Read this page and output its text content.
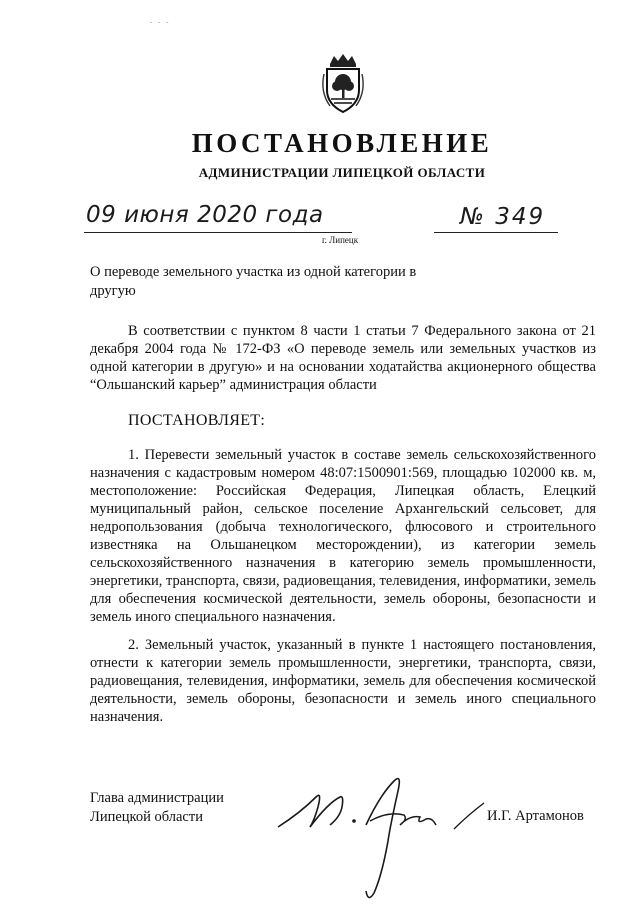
- - -
ПОСТАНОВЛЕНИЕ
АДМИНИСТРАЦИИ ЛИПЕЦКОЙ ОБЛАСТИ
09 июня 2020 года	№ 349
г. Липецк
О переводе земельного участка из одной категории в другую
В соответствии с пунктом 8 части 1 статьи 7 Федерального закона от 21 декабря 2004 года № 172-ФЗ «О переводе земель или земельных участков из одной категории в другую» и на основании ходатайства акционерного общества “Ольшанский карьер” администрация области
ПОСТАНОВЛЯЕТ:
1. Перевести земельный участок в составе земель сельскохозяйственного назначения с кадастровым номером 48:07:1500901:569, площадью 102000 кв. м, местоположение: Российская Федерация, Липецкая область, Елецкий муниципальный район, сельское поселение Архангельский сельсовет, для недропользования (добыча технологического, флюсового и строительного известняка на Ольшанецком месторождении), из категории земель сельскохозяйственного назначения в категорию земель промышленности, энергетики, транспорта, связи, радиовещания, телевидения, информатики, земель для обеспечения космической деятельности, земель обороны, безопасности и земель иного специального назначения.
2. Земельный участок, указанный в пункте 1 настоящего постановления, отнести к категории земель промышленности, энергетики, транспорта, связи, радиовещания, телевидения, информатики, земель для обеспечения космической деятельности, земель обороны, безопасности и земель иного специального назначения.
Глава администрации
Липецкой области	И.Г. Артамонов
